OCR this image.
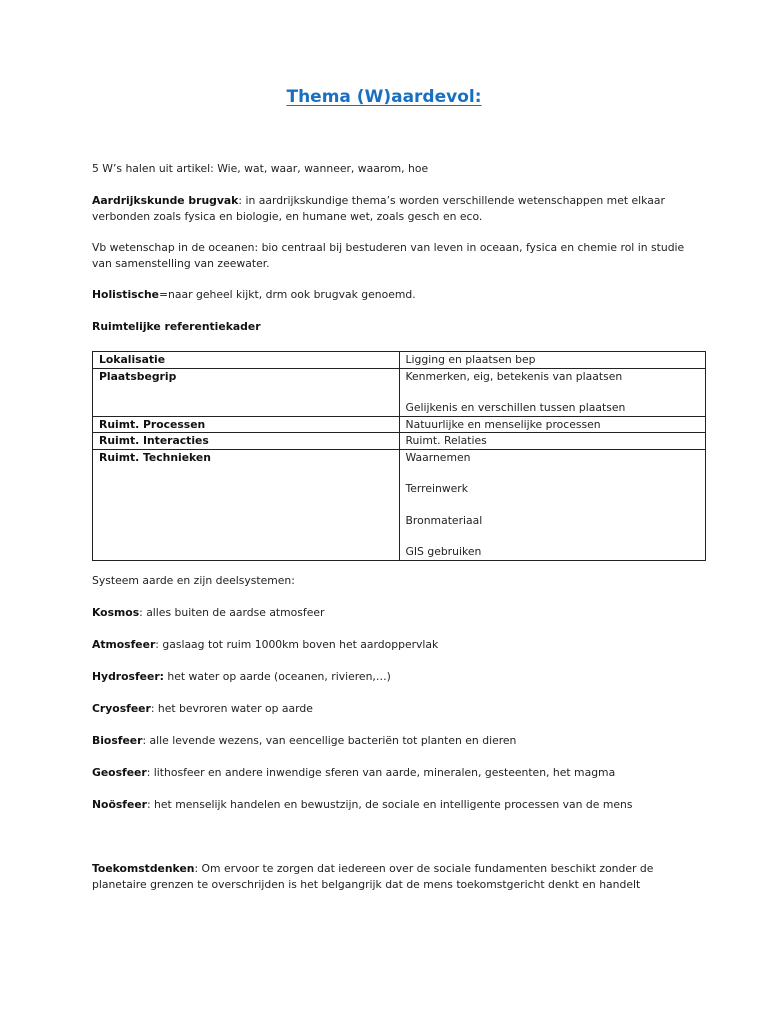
Thema (W)aardevol:

5 W’s halen uit artikel: Wie, wat, waar, wanneer, waarom, hoe

Aardrijkskunde brugvak: in aardrijkskundige thema’s worden verschillende wetenschappen met elkaar verbonden zoals fysica en biologie, en humane wet, zoals gesch en eco.

Vb wetenschap in de oceanen: bio centraal bij bestuderen van leven in oceaan, fysica en chemie rol in studie van samenstelling van zeewater.

Holistische=naar geheel kijkt, drm ook brugvak genoemd.

Ruimtelijke referentiekader

Lokalisatie	Ligging en plaatsen bep

Plaatsbegrip	Kenmerken, eig, betekenis van plaatsen
Gelijkenis en verschillen tussen plaatsen

Ruimt. Processen	Natuurlijke en menselijke processen

Ruimt. Interacties	Ruimt. Relaties

Ruimt. Technieken	Waarnemen
Terreinwerk
Bronmateriaal
GIS gebruiken

Systeem aarde en zijn deelsystemen:

Kosmos: alles buiten de aardse atmosfeer

Atmosfeer: gaslaag tot ruim 1000km boven het aardoppervlak

Hydrosfeer: het water op aarde (oceanen, rivieren,…)

Cryosfeer: het bevroren water op aarde

Biosfeer: alle levende wezens, van eencellige bacteriën tot planten en dieren

Geosfeer: lithosfeer en andere inwendige sferen van aarde, mineralen, gesteenten, het magma

Noösfeer: het menselijk handelen en bewustzijn, de sociale en intelligente processen van de mens

Toekomstdenken: Om ervoor te zorgen dat iedereen over de sociale fundamenten beschikt zonder de planetaire grenzen te overschrijden is het belgangrijk dat de mens toekomstgericht denkt en handelt
